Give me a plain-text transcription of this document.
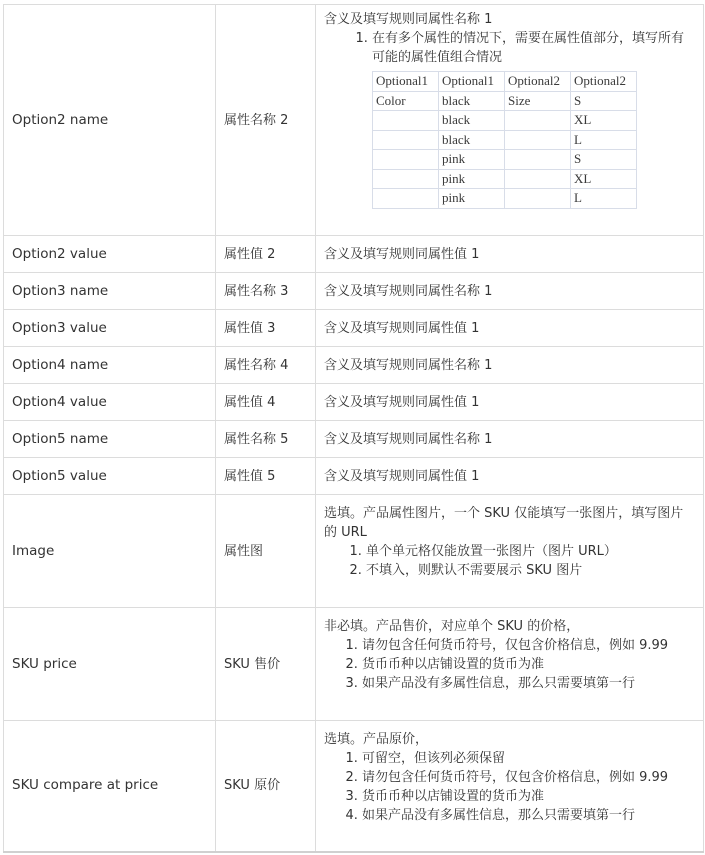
Option2 name	属性名称 2	
含义及填写规则同属性名称 1
1. 在有多个属性的情况下，需要在属性值部分，填写所有可能的属性值组合情况
Optional1	Optional1	Optional2	Optional2
Color	black	Size	S
	black		XL
	black		L
	pink		S
	pink		XL
	pink		L

Option2 value	属性值 2	含义及填写规则同属性值 1
Option3 name	属性名称 3	含义及填写规则同属性名称 1
Option3 value	属性值 3	含义及填写规则同属性值 1
Option4 name	属性名称 4	含义及填写规则同属性名称 1
Option4 value	属性值 4	含义及填写规则同属性值 1
Option5 name	属性名称 5	含义及填写规则同属性名称 1
Option5 value	属性值 5	含义及填写规则同属性值 1
Image	属性图	
选填。产品属性图片，一个 SKU 仅能填写一张图片，填写图片的 URL
1. 单个单元格仅能放置一张图片（图片 URL）
2. 不填入，则默认不需要展示 SKU 图片

SKU price	SKU 售价	
非必填。产品售价，对应单个 SKU 的价格，
1. 请勿包含任何货币符号，仅包含价格信息，例如 9.99
2. 货币币种以店铺设置的货币为准
3. 如果产品没有多属性信息，那么只需要填第一行

SKU compare at price	SKU 原价	
选填。产品原价，
1. 可留空，但该列必须保留
2. 请勿包含任何货币符号，仅包含价格信息，例如 9.99
3. 货币币种以店铺设置的货币为准
4. 如果产品没有多属性信息，那么只需要填第一行
